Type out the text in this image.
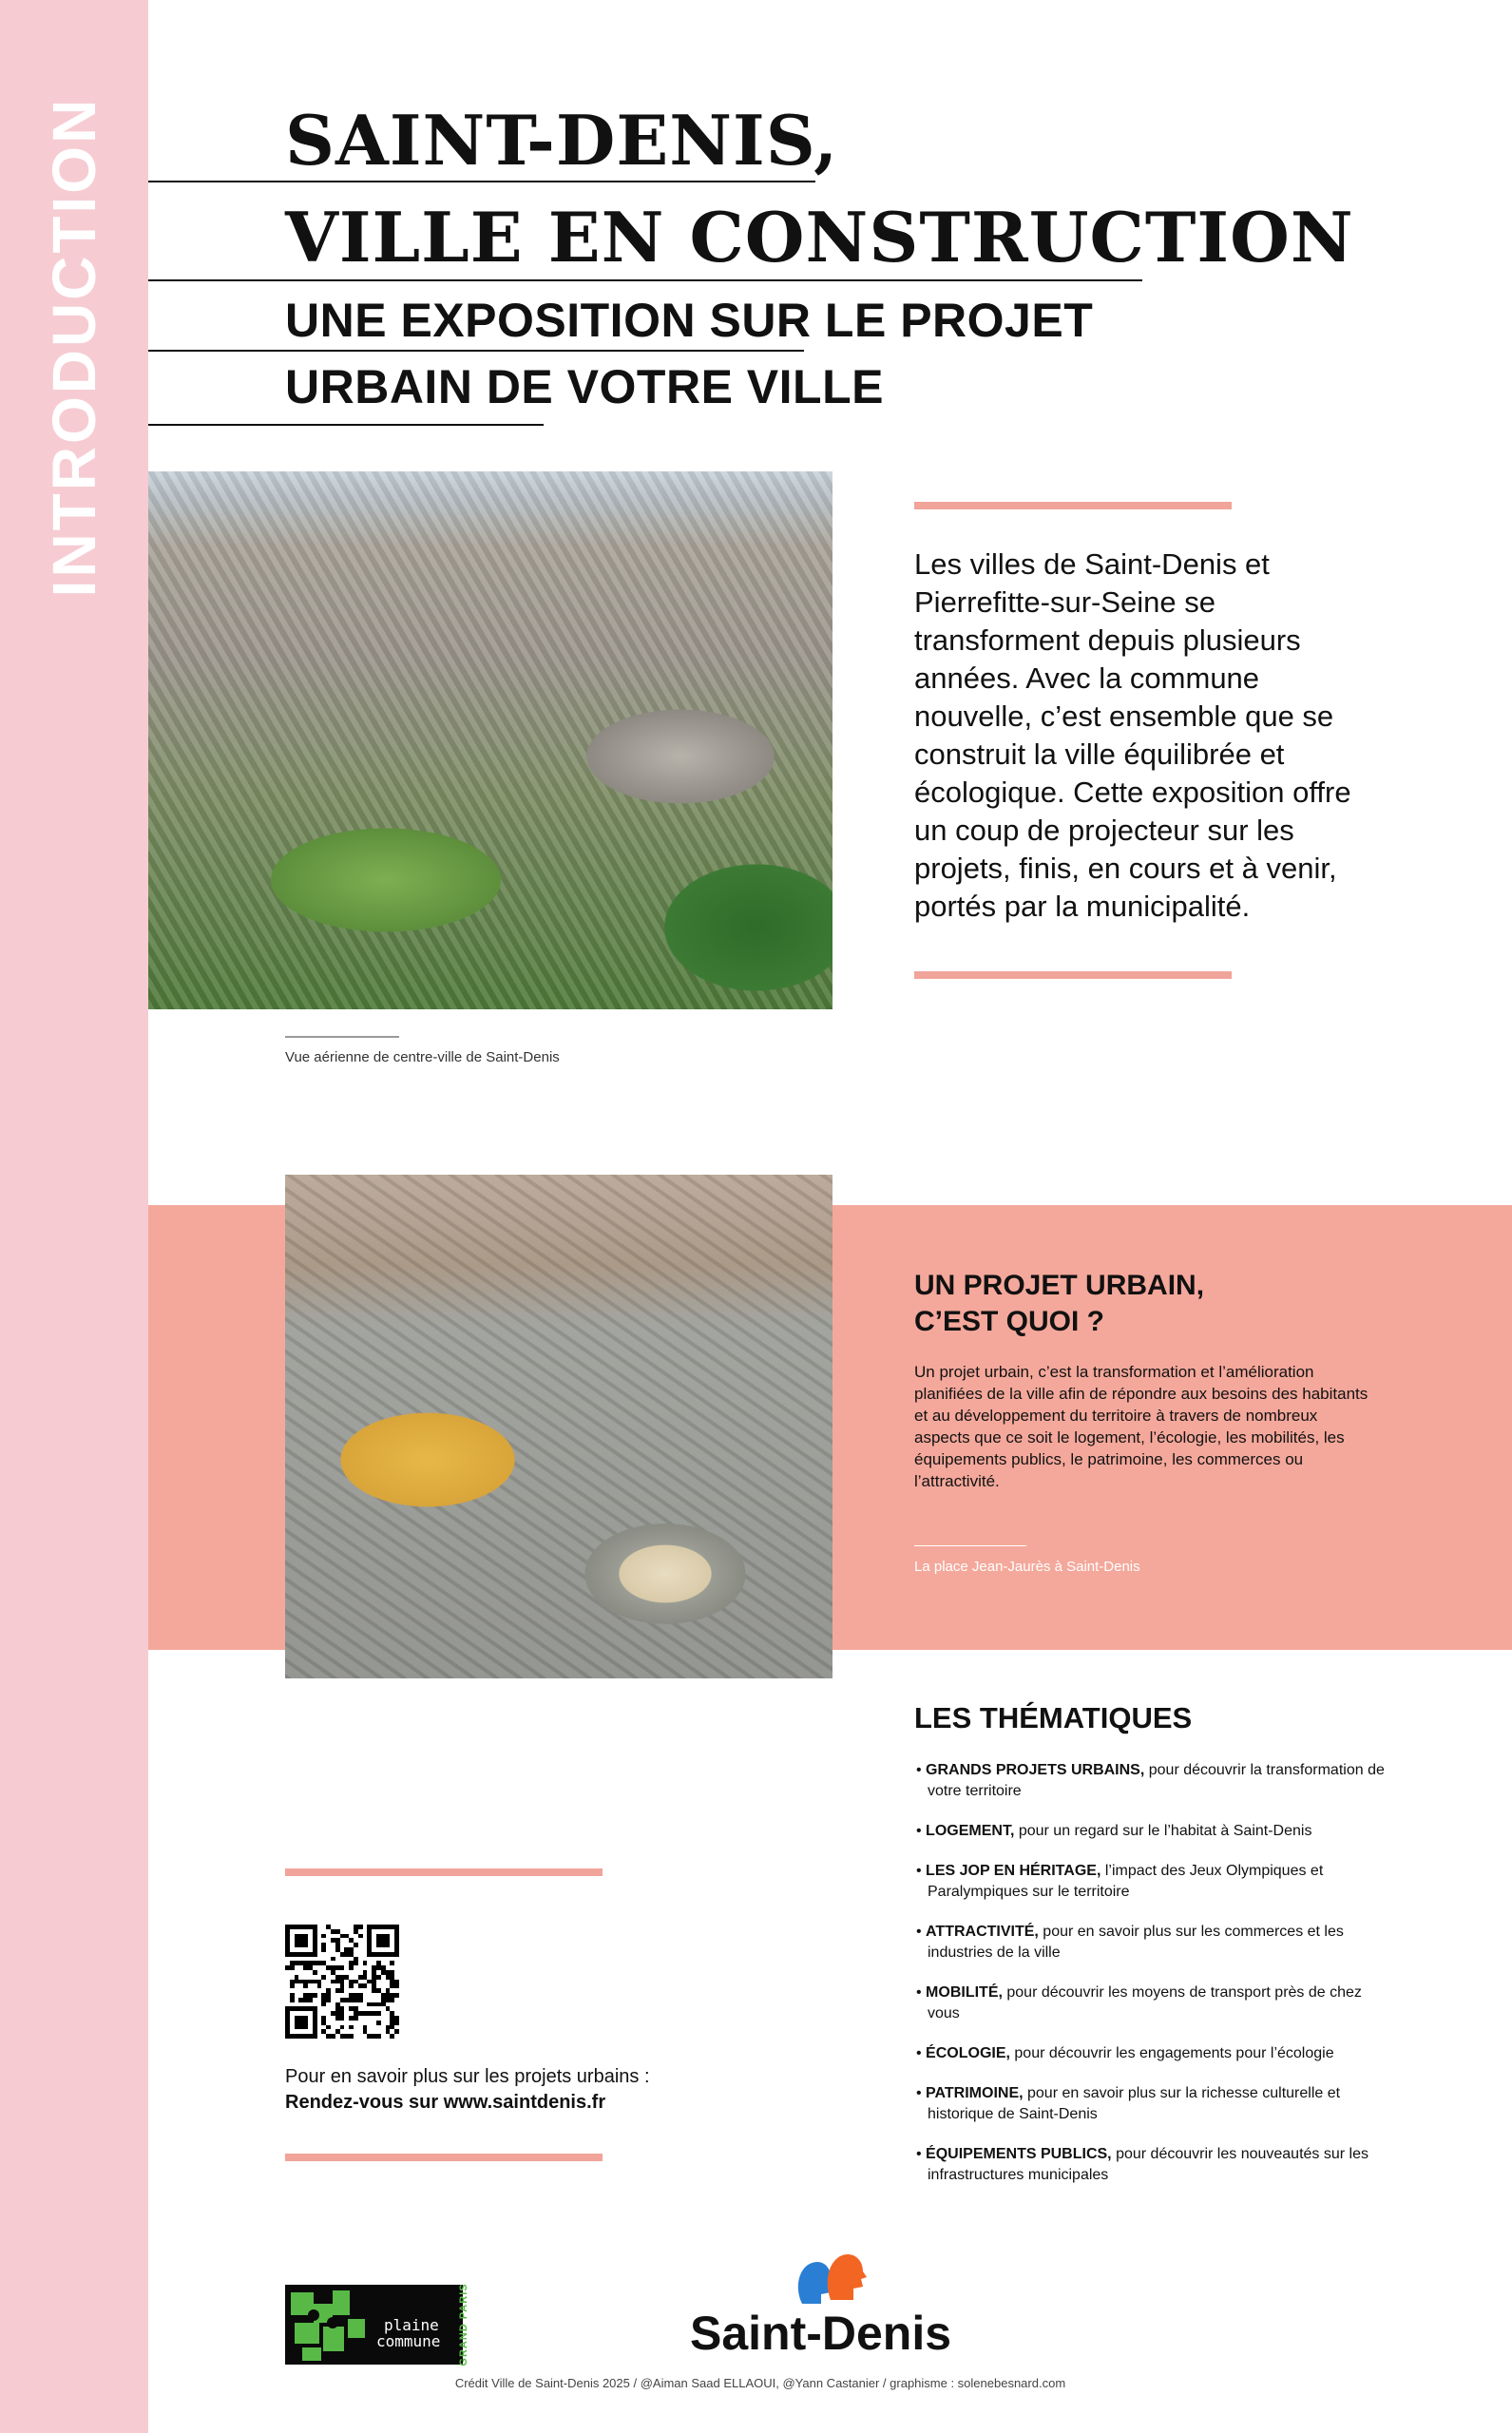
INTRODUCTION	SAINT-DENIS,
VILLE EN CONSTRUCTION
UNE EXPOSITION SUR LE PROJET
URBAIN DE VOTRE VILLE
Vue aérienne de centre-ville de Saint-Denis
Les villes de Saint-Denis et Pierrefitte-sur-Seine se transforment depuis plusieurs années. Avec la commune nouvelle, c’est ensemble que se construit la ville équilibrée et écologique. Cette exposition offre un coup de projecteur sur les projets, finis, en cours et à venir, portés par la municipalité.
UN PROJET URBAIN,
C’EST QUOI ?
Un projet urbain, c’est la transformation et l’amélioration planifiées de la ville afin de répondre aux besoins des habitants et au développement du territoire à travers de nombreux aspects que ce soit le logement, l’écologie, les mobilités, les équipements publics, le patrimoine, les commerces ou l’attractivité.
La place Jean-Jaurès à Saint-Denis
LES THÉMATIQUES
• GRANDS PROJETS URBAINS, pour découvrir la transformation de votre territoire
• LOGEMENT, pour un regard sur le l’habitat à Saint-Denis
• LES JOP EN HÉRITAGE, l’impact des Jeux Olympiques et Paralympiques sur le territoire
• ATTRACTIVITÉ, pour en savoir plus sur les commerces et les industries de la ville
• MOBILITÉ, pour découvrir les moyens de transport près de chez vous
• ÉCOLOGIE, pour découvrir les engagements pour l’écologie
• PATRIMOINE, pour en savoir plus sur la richesse culturelle et historique de Saint-Denis
• ÉQUIPEMENTS PUBLICS, pour découvrir les nouveautés sur les infrastructures municipales
Pour en savoir plus sur les projets urbains :
Rendez-vous sur www.saintdenis.fr
plaine
commune GRAND PARIS	Saint-Denis
Crédit Ville de Saint-Denis 2025 / @Aiman Saad ELLAOUI, @Yann Castanier / graphisme : solenebesnard.com
